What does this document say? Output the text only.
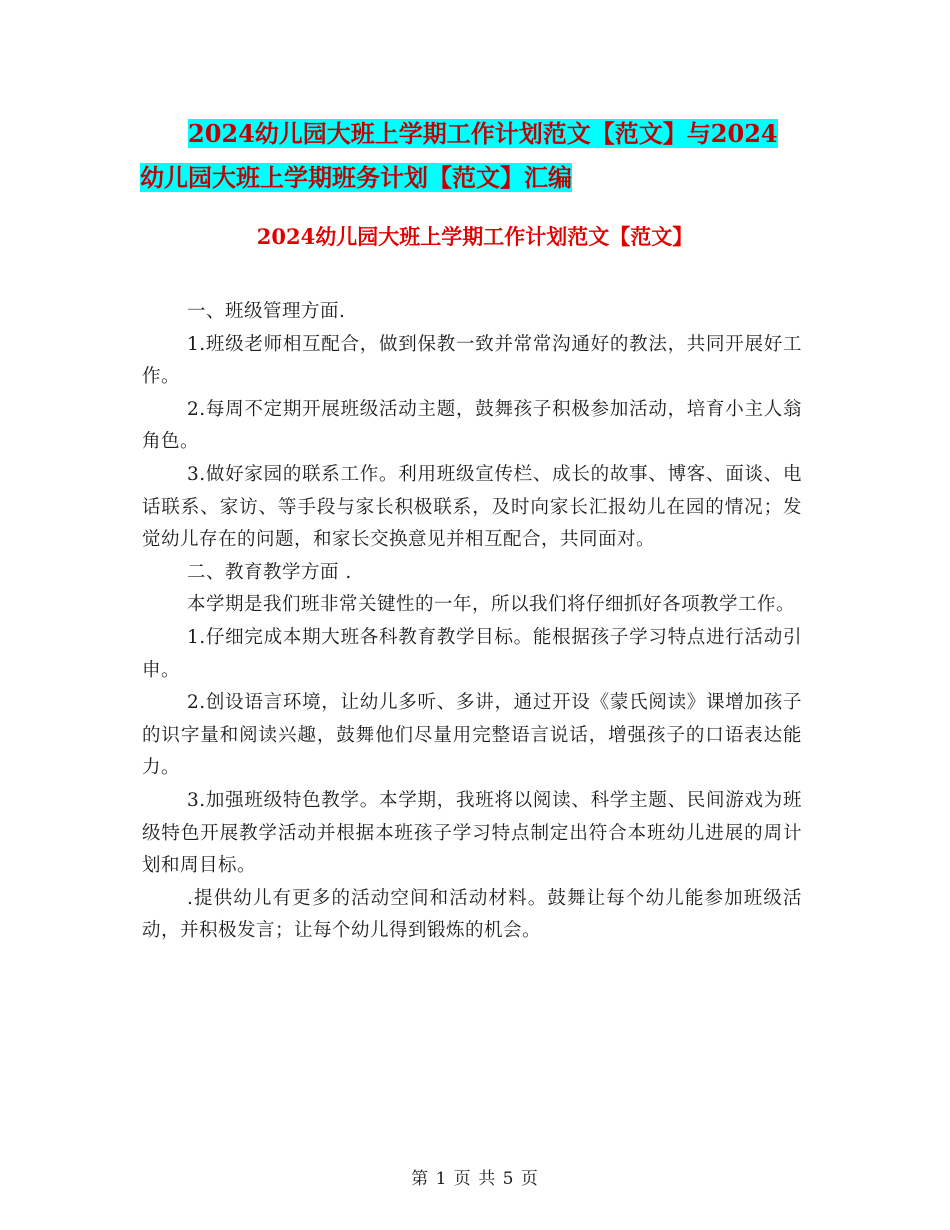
2024幼儿园大班上学期工作计划范文【范文】与2024
幼儿园大班上学期班务计划【范文】汇编
2024幼儿园大班上学期工作计划范文【范文】

一、班级管理方面.

1.班级老师相互配合，做到保教一致并常常沟通好的教法，共同开展好工作。

2.每周不定期开展班级活动主题，鼓舞孩子积极参加活动，培育小主人翁角色。

3.做好家园的联系工作。利用班级宣传栏、成长的故事、博客、面谈、电话联系、家访、等手段与家长积极联系，及时向家长汇报幼儿在园的情况；发觉幼儿存在的问题，和家长交换意见并相互配合，共同面对。

二、教育教学方面 .

本学期是我们班非常关键性的一年，所以我们将仔细抓好各项教学工作。

1.仔细完成本期大班各科教育教学目标。能根据孩子学习特点进行活动引申。

2.创设语言环境，让幼儿多听、多讲，通过开设《蒙氏阅读》课增加孩子的识字量和阅读兴趣，鼓舞他们尽量用完整语言说话，增强孩子的口语表达能力。

3.加强班级特色教学。本学期，我班将以阅读、科学主题、民间游戏为班级特色开展教学活动并根据本班孩子学习特点制定出符合本班幼儿进展的周计划和周目标。

.提供幼儿有更多的活动空间和活动材料。鼓舞让每个幼儿能参加班级活动，并积极发言；让每个幼儿得到锻炼的机会。

第 1 页 共 5 页
